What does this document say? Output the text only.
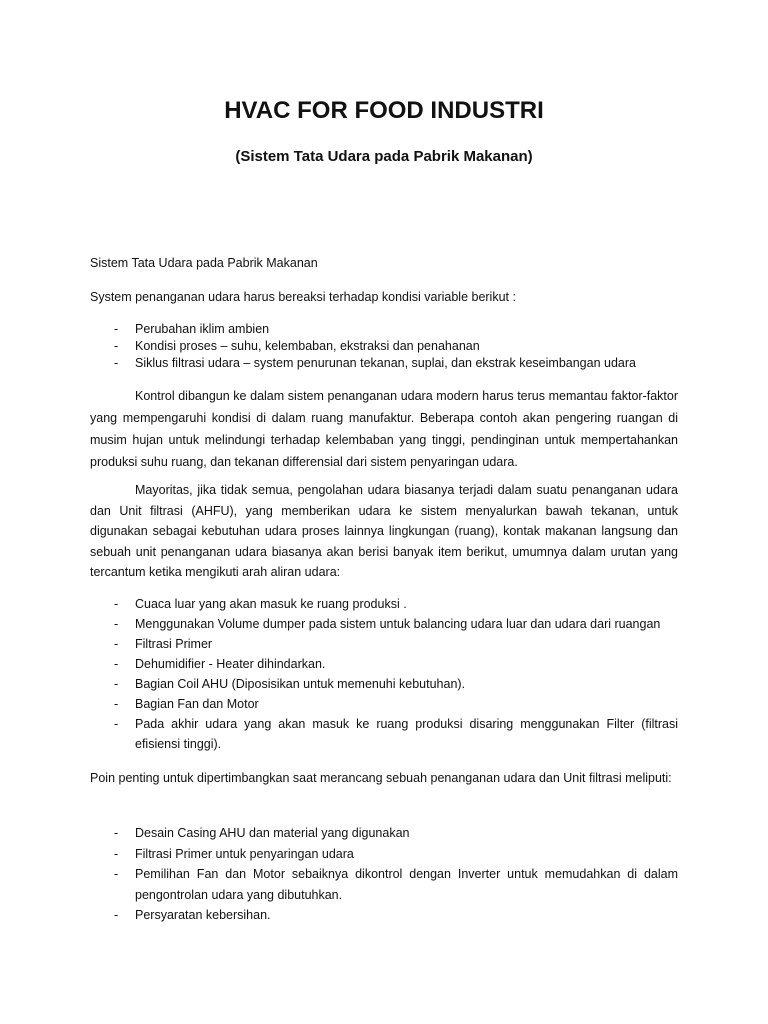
HVAC FOR FOOD INDUSTRI
(Sistem Tata Udara pada Pabrik Makanan)
Sistem Tata Udara pada Pabrik Makanan
System penanganan udara harus bereaksi terhadap kondisi variable berikut :
- Perubahan iklim ambien
- Kondisi proses – suhu, kelembaban, ekstraksi dan penahanan
- Siklus filtrasi udara – system penurunan tekanan, suplai, dan ekstrak keseimbangan udara
Kontrol dibangun ke dalam sistem penanganan udara modern harus terus memantau faktor-faktor yang mempengaruhi kondisi di dalam ruang manufaktur. Beberapa contoh akan pengering ruangan di musim hujan untuk melindungi terhadap kelembaban yang tinggi, pendinginan untuk mempertahankan produksi suhu ruang, dan tekanan differensial dari sistem penyaringan udara.
Mayoritas, jika tidak semua, pengolahan udara biasanya terjadi dalam suatu penanganan udara dan Unit filtrasi (AHFU), yang memberikan udara ke sistem menyalurkan bawah tekanan, untuk digunakan sebagai kebutuhan udara proses lainnya lingkungan (ruang), kontak makanan langsung dan sebuah unit penanganan udara biasanya akan berisi banyak item berikut, umumnya dalam urutan yang tercantum ketika mengikuti arah aliran udara:
- Cuaca luar yang akan masuk ke ruang produksi .
- Menggunakan Volume dumper pada sistem untuk balancing udara luar dan udara dari ruangan
- Filtrasi Primer
- Dehumidifier - Heater dihindarkan.
- Bagian Coil AHU (Diposisikan untuk memenuhi kebutuhan).
- Bagian Fan dan Motor
- Pada akhir udara yang akan masuk ke ruang produksi disaring menggunakan Filter (filtrasi efisiensi tinggi).
Poin penting untuk dipertimbangkan saat merancang sebuah penanganan udara dan Unit filtrasi meliputi:
- Desain Casing AHU dan material yang digunakan
- Filtrasi Primer untuk penyaringan udara
- Pemilihan Fan dan Motor sebaiknya dikontrol dengan Inverter untuk memudahkan di dalam pengontrolan udara yang dibutuhkan.
- Persyaratan kebersihan.
